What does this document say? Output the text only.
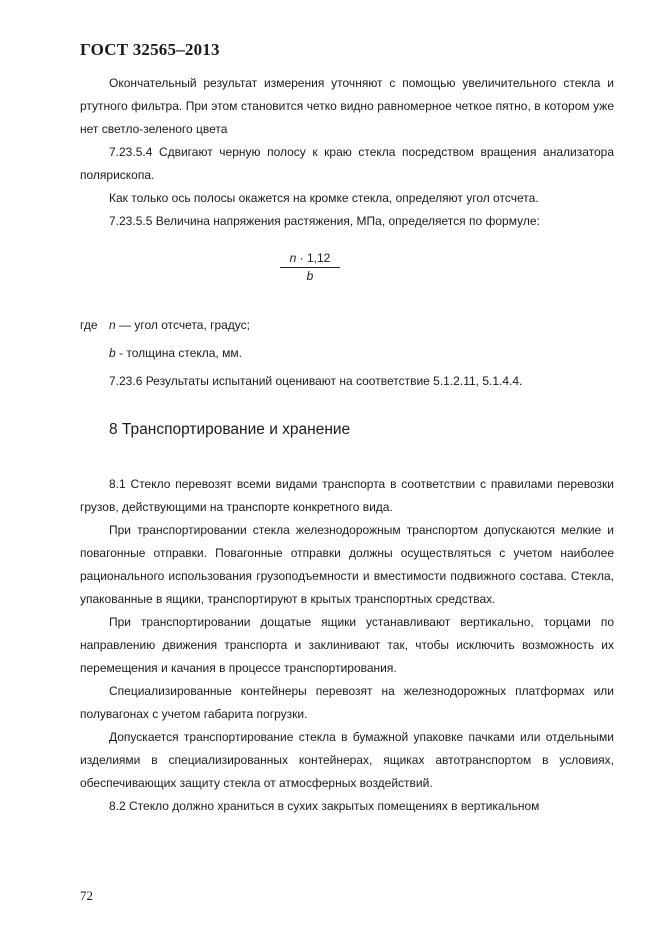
ГОСТ 32565–2013

Окончательный результат измерения уточняют с помощью увеличительного стекла и ртутного фильтра. При этом становится четко видно равномерное четкое пятно, в котором уже нет светло-зеленого цвета

7.23.5.4 Сдвигают черную полосу к краю стекла посредством вращения анализатора полярископа.

Как только ось полосы окажется на кромке стекла, определяют угол отсчета.

7.23.5.5 Величина напряжения растяжения, МПа, определяется по формуле:

$\frac{n \cdot 1,12}{b}$
где n — угол отсчета, градус;
b - толщина стекла, мм.
7.23.6 Результаты испытаний оценивают на соответствие 5.1.2.11, 5.1.4.4.
8 Транспортирование и хранение

8.1 Стекло перевозят всеми видами транспорта в соответствии с правилами перевозки грузов, действующими на транспорте конкретного вида.

При транспортировании стекла железнодорожным транспортом допускаются мелкие и повагонные отправки. Повагонные отправки должны осуществляться с учетом наиболее рационального использования грузоподъемности и вместимости подвижного состава. Стекла, упакованные в ящики, транспортируют в крытых транспортных средствах.

При транспортировании дощатые ящики устанавливают вертикально, торцами по направлению движения транспорта и заклинивают так, чтобы исключить возможность их перемещения и качания в процессе транспортирования.

Специализированные контейнеры перевозят на железнодорожных платформах или полувагонах с учетом габарита погрузки.

Допускается транспортирование стекла в бумажной упаковке пачками или отдельными изделиями в специализированных контейнерах, ящиках автотранспортом в условиях, обеспечивающих защиту стекла от атмосферных воздействий.

8.2 Стекло должно храниться в сухих закрытых помещениях в вертикальном

72
